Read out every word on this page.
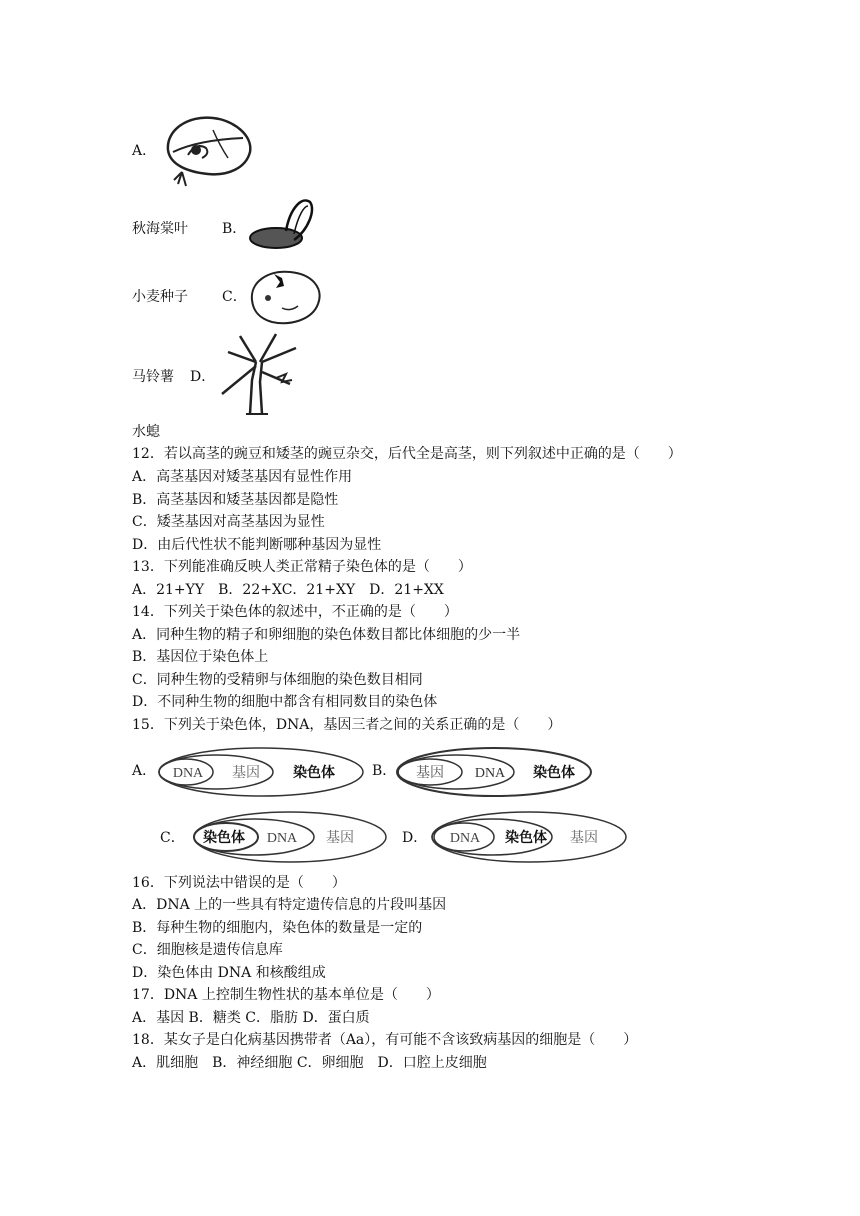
A．
秋海棠叶 B．
小麦种子 C．
马铃薯 D．
水螅
12．若以高茎的豌豆和矮茎的豌豆杂交，后代全是高茎，则下列叙述中正确的是（　　）
A．高茎基因对矮茎基因有显性作用
B．高茎基因和矮茎基因都是隐性
C．矮茎基因对高茎基因为显性
D．由后代性状不能判断哪种基因为显性
13．下列能准确反映人类正常精子染色体的是（　　）
A．21+YY　B．22+XC．21+XY　D．21+XX
14．下列关于染色体的叙述中，不正确的是（　　）
A．同种生物的精子和卵细胞的染色体数目都比体细胞的少一半
B．基因位于染色体上
C．同种生物的受精卵与体细胞的染色数目相同
D．不同种生物的细胞中都含有相同数目的染色体
15．下列关于染色体，DNA，基因三者之间的关系正确的是（　　）
A． DNA 基因 染色体	B． 基因 DNA 染色体
C． 染色体 DNA 基因	D． DNA 染色体 基因
16．下列说法中错误的是（　　）
A．DNA 上的一些具有特定遗传信息的片段叫基因
B．每种生物的细胞内，染色体的数量是一定的
C．细胞核是遗传信息库
D．染色体由 DNA 和核酸组成
17．DNA 上控制生物性状的基本单位是（　　）
A．基因 B．糖类 C．脂肪 D．蛋白质
18．某女子是白化病基因携带者（Aa），有可能不含该致病基因的细胞是（　　）
A．肌细胞　B．神经细胞 C．卵细胞　D．口腔上皮细胞
